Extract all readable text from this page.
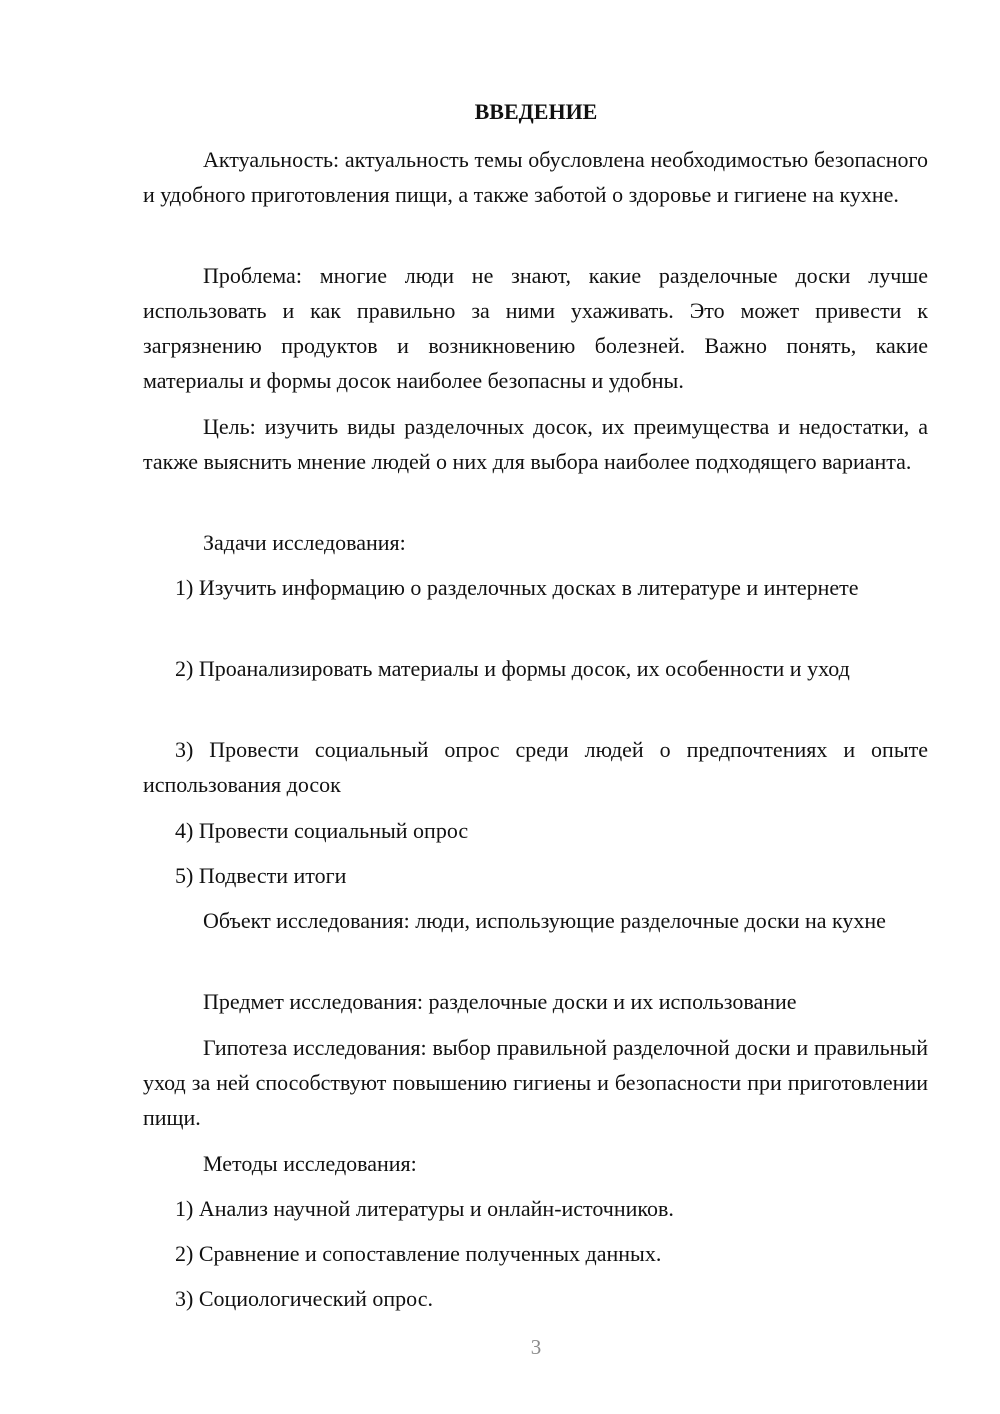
ВВЕДЕНИЕ

Актуальность: актуальность темы обусловлена необходимостью безопасного и удобного приготовления пищи, а также заботой о здоровье и гигиене на кухне.

Проблема: многие люди не знают, какие разделочные доски лучше использовать и как правильно за ними ухаживать. Это может привести к загрязнению продуктов и возникновению болезней. Важно понять, какие материалы и формы досок наиболее безопасны и удобны.

Цель: изучить виды разделочных досок, их преимущества и недостатки, а также выяснить мнение людей о них для выбора наиболее подходящего варианта.

Задачи исследования:

1) Изучить информацию о разделочных досках в литературе и интернете

2) Проанализировать материалы и формы досок, их особенности и уход

3) Провести социальный опрос среди людей о предпочтениях и опыте использования досок

4) Провести социальный опрос

5) Подвести итоги

Объект исследования: люди, использующие разделочные доски на кухне

Предмет исследования: разделочные доски и их использование

Гипотеза исследования: выбор правильной разделочной доски и правильный уход за ней способствуют повышению гигиены и безопасности при приготовлении пищи.

Методы исследования:

1) Анализ научной литературы и онлайн-источников.

2) Сравнение и сопоставление полученных данных.

3) Социологический опрос.

3
